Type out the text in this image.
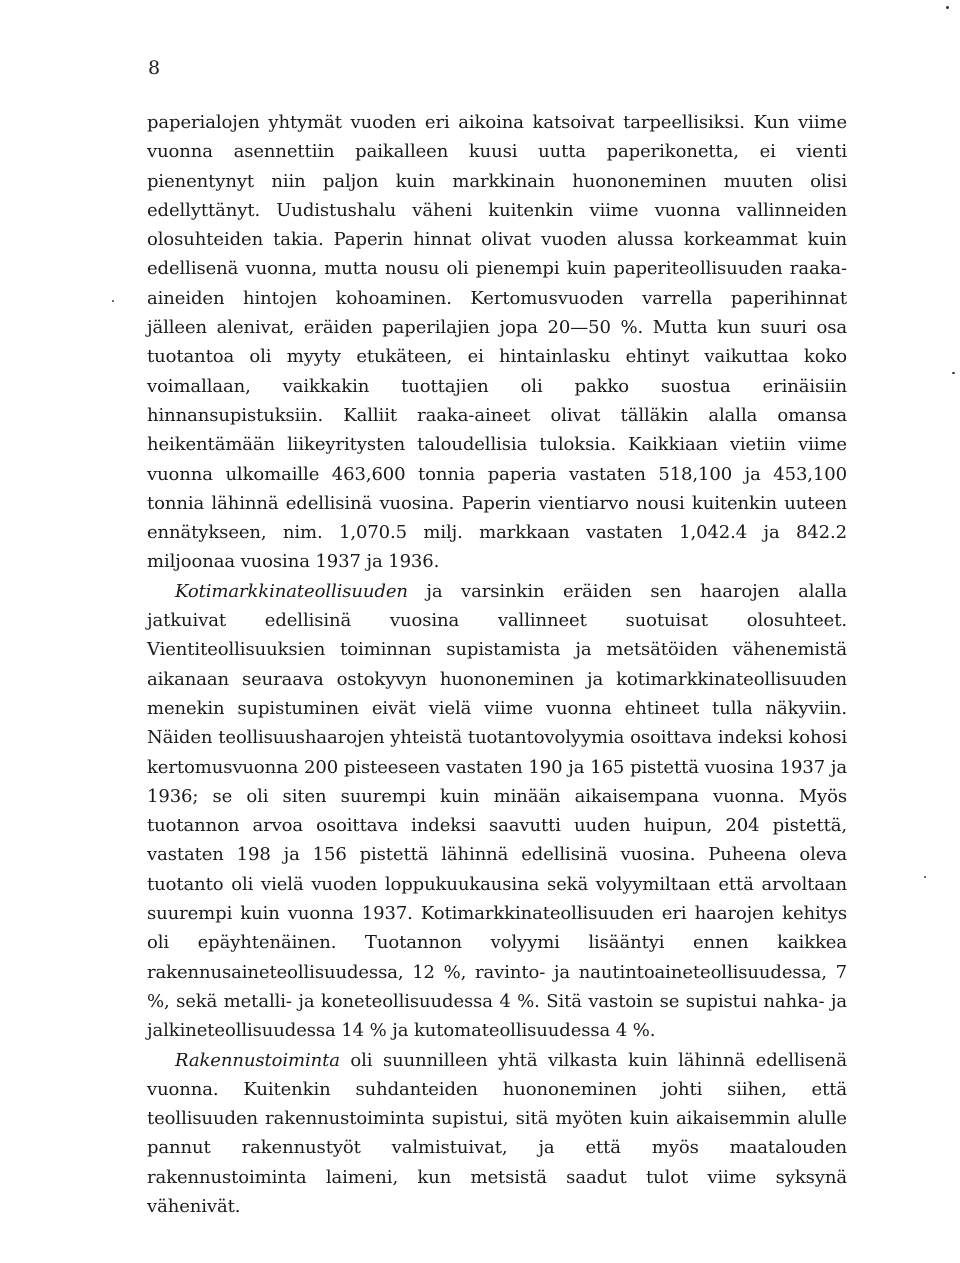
8

paperialojen yhtymät vuoden eri aikoina katsoivat tarpeellisiksi. Kun viime vuonna asennettiin paikalleen kuusi uutta paperikonetta, ei vienti pienentynyt niin paljon kuin markkinain huononeminen muuten olisi edellyttänyt. Uudistushalu väheni kuitenkin viime vuonna vallinneiden olosuhteiden takia. Paperin hinnat olivat vuoden alussa korkeammat kuin edellisenä vuonna, mutta nousu oli pienempi kuin paperiteollisuuden raaka-aineiden hintojen kohoaminen. Kertomusvuoden varrella paperihinnat jälleen alenivat, eräiden paperilajien jopa 20—50 %. Mutta kun suuri osa tuotantoa oli myyty etukäteen, ei hintainlasku ehtinyt vaikuttaa koko voimallaan, vaikkakin tuottajien oli pakko suostua erinäisiin hinnansupistuksiin. Kalliit raaka-aineet olivat tälläkin alalla omansa heikentämään liikeyritysten taloudellisia tuloksia. Kaikkiaan vietiin viime vuonna ulkomaille 463,600 tonnia paperia vastaten 518,100 ja 453,100 tonnia lähinnä edellisinä vuosina. Paperin vientiarvo nousi kuitenkin uuteen ennätykseen, nim. 1,070.5 milj. markkaan vastaten 1,042.4 ja 842.2 miljoonaa vuosina 1937 ja 1936.

Kotimarkkinateollisuuden ja varsinkin eräiden sen haarojen alalla jatkuivat edellisinä vuosina vallinneet suotuisat olosuhteet. Vientiteollisuuksien toiminnan supistamista ja metsätöiden vähenemistä aikanaan seuraava ostokyvyn huononeminen ja kotimarkkinateollisuuden menekin supistuminen eivät vielä viime vuonna ehtineet tulla näkyviin. Näiden teollisuushaarojen yhteistä tuotantovolyymia osoittava indeksi kohosi kertomusvuonna 200 pisteeseen vastaten 190 ja 165 pistettä vuosina 1937 ja 1936; se oli siten suurempi kuin minään aikaisempana vuonna. Myös tuotannon arvoa osoittava indeksi saavutti uuden huipun, 204 pistettä, vastaten 198 ja 156 pistettä lähinnä edellisinä vuosina. Puheena oleva tuotanto oli vielä vuoden loppukuukausina sekä volyymiltaan että arvoltaan suurempi kuin vuonna 1937. Kotimarkkinateollisuuden eri haarojen kehitys oli epäyhtenäinen. Tuotannon volyymi lisääntyi ennen kaikkea rakennusaineteollisuudessa, 12 %, ravinto- ja nautintoaineteollisuudessa, 7 %, sekä metalli- ja koneteollisuudessa 4 %. Sitä vastoin se supistui nahka- ja jalkineteollisuudessa 14 % ja kutomateollisuudessa 4 %.

Rakennustoiminta oli suunnilleen yhtä vilkasta kuin lähinnä edellisenä vuonna. Kuitenkin suhdanteiden huononeminen johti siihen, että teollisuuden rakennustoiminta supistui, sitä myöten kuin aikaisemmin alulle pannut rakennustyöt valmistuivat, ja että myös maatalouden rakennustoiminta laimeni, kun metsistä saadut tulot viime syksynä vähenivät.
